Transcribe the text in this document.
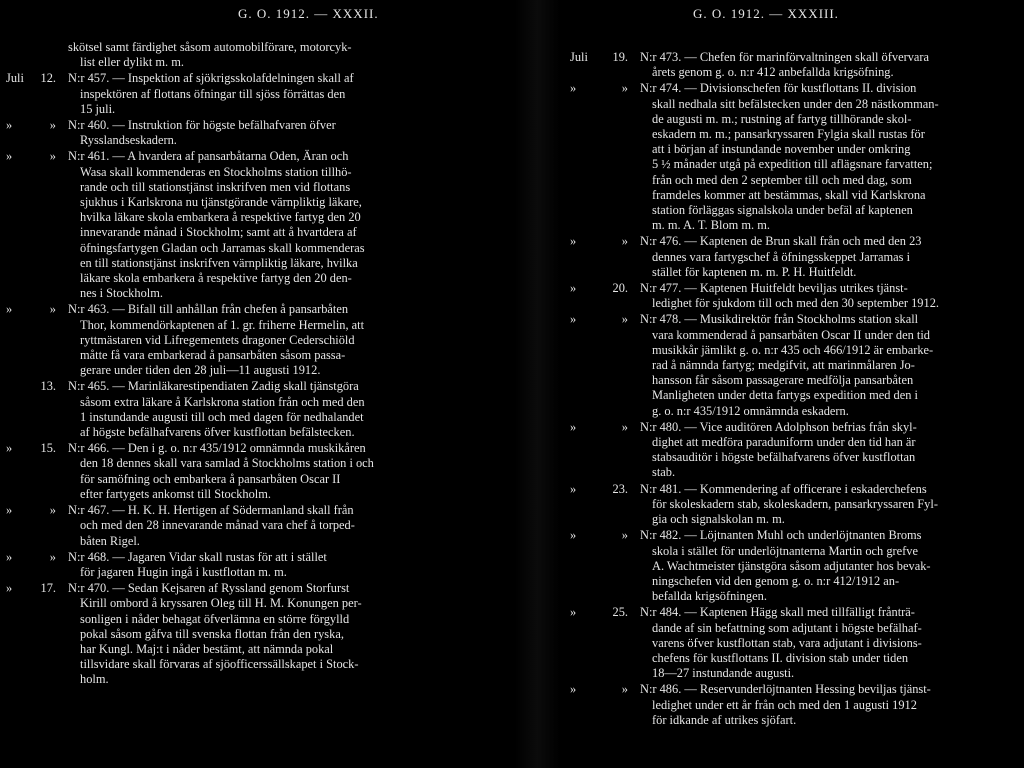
G. O. 1912. — XXXII.
skötsel samt färdighet såsom automobilförare, motorcyk-
list eller dylikt m. m.
Juli	12. N:r 457. — Inspektion af sjökrigsskolafdelningen skall af
inspektören af flottans öfningar till sjöss förrättas den
15 juli.
»	» N:r 460. — Instruktion för högste befälhafvaren öfver
Rysslandseskadern.
»	» N:r 461. — A hvardera af pansarbåtarna Oden, Äran och
Wasa skall kommenderas en Stockholms station tillhö-
rande och till stationstjänst inskrifven men vid flottans
sjukhus i Karlskrona nu tjänstgörande värnpliktig läkare,
hvilka läkare skola embarkera å respektive fartyg den 20
innevarande månad i Stockholm; samt att å hvartdera af
öfningsfartygen Gladan och Jarramas skall kommenderas
en till stationstjänst inskrifven värnpliktig läkare, hvilka
läkare skola embarkera å respektive fartyg den 20 den-
nes i Stockholm.
»	» N:r 463. — Bifall till anhållan från chefen å pansarbåten
Thor, kommendörkaptenen af 1. gr. friherre Hermelin, att
ryttmästaren vid Lifregementets dragoner Cederschiöld
måtte få vara embarkerad å pansarbåten såsom passa-
gerare under tiden den 28 juli—11 augusti 1912.
13. N:r 465. — Marinläkarestipendiaten Zadig skall tjänstgöra
såsom extra läkare å Karlskrona station från och med den
1 instundande augusti till och med dagen för nedhalandet
af högste befälhafvarens öfver kustflottan befälstecken.
»	15. N:r 466. — Den i g. o. n:r 435/1912 omnämnda muskikåren
den 18 dennes skall vara samlad å Stockholms station i och
för samöfning och embarkera å pansarbåten Oscar II
efter fartygets ankomst till Stockholm.
»	» N:r 467. — H. K. H. Hertigen af Södermanland skall från
och med den 28 innevarande månad vara chef å torped-
båten Rigel.
»	» N:r 468. — Jagaren Vidar skall rustas för att i stället
för jagaren Hugin ingå i kustflottan m. m.
»	17. N:r 470. — Sedan Kejsaren af Ryssland genom Storfurst
Kirill ombord å kryssaren Oleg till H. M. Konungen per-
sonligen i nåder behagat öfverlämna en större förgylld
pokal såsom gåfva till svenska flottan från den ryska,
har Kungl. Maj:t i nåder bestämt, att nämnda pokal
tillsvidare skall förvaras af sjöofficerssällskapet i Stock-
holm.
G. O. 1912. — XXXIII.
Juli	19. N:r 473. — Chefen för marinförvaltningen skall öfvervara
årets genom g. o. n:r 412 anbefallda krigsöfning.
»	» N:r 474. — Divisionschefen för kustflottans II. division
skall nedhala sitt befälstecken under den 28 nästkomman-
de augusti m. m.; rustning af fartyg tillhörande skol-
eskadern m. m.; pansarkryssaren Fylgia skall rustas för
att i början af instundande november under omkring
5 ½ månader utgå på expedition till aflägsnare farvatten;
från och med den 2 september till och med dag, som
framdeles kommer att bestämmas, skall vid Karlskrona
station förläggas signalskola under befäl af kaptenen
m. m. A. T. Blom m. m.
»	» N:r 476. — Kaptenen de Brun skall från och med den 23
dennes vara fartygschef å öfningsskeppet Jarramas i
stället för kaptenen m. m. P. H. Huitfeldt.
»	20. N:r 477. — Kaptenen Huitfeldt beviljas utrikes tjänst-
ledighet för sjukdom till och med den 30 september 1912.
»	» N:r 478. — Musikdirektör från Stockholms station skall
vara kommenderad å pansarbåten Oscar II under den tid
musikkår jämlikt g. o. n:r 435 och 466/1912 är embarke-
rad å nämnda fartyg; medgifvit, att marinmålaren Jo-
hansson får såsom passagerare medfölja pansarbåten
Manligheten under detta fartygs expedition med den i
g. o. n:r 435/1912 omnämnda eskadern.
»	» N:r 480. — Vice auditören Adolphson befrias från skyl-
dighet att medföra paraduniform under den tid han är
stabsauditör i högste befälhafvarens öfver kustflottan
stab.
»	23. N:r 481. — Kommendering af officerare i eskaderchefens
för skoleskadern stab, skoleskadern, pansarkryssaren Fyl-
gia och signalskolan m. m.
»	» N:r 482. — Löjtnanten Muhl och underlöjtnanten Broms
skola i stället för underlöjtnanterna Martin och grefve
A. Wachtmeister tjänstgöra såsom adjutanter hos bevak-
ningschefen vid den genom g. o. n:r 412/1912 an-
befallda krigsöfningen.
»	25. N:r 484. — Kaptenen Hägg skall med tillfälligt frånträ-
dande af sin befattning som adjutant i högste befälhaf-
varens öfver kustflottan stab, vara adjutant i divisions-
chefens för kustflottans II. division stab under tiden
18—27 instundande augusti.
»	» N:r 486. — Reservunderlöjtnanten Hessing beviljas tjänst-
ledighet under ett år från och med den 1 augusti 1912
för idkande af utrikes sjöfart.
